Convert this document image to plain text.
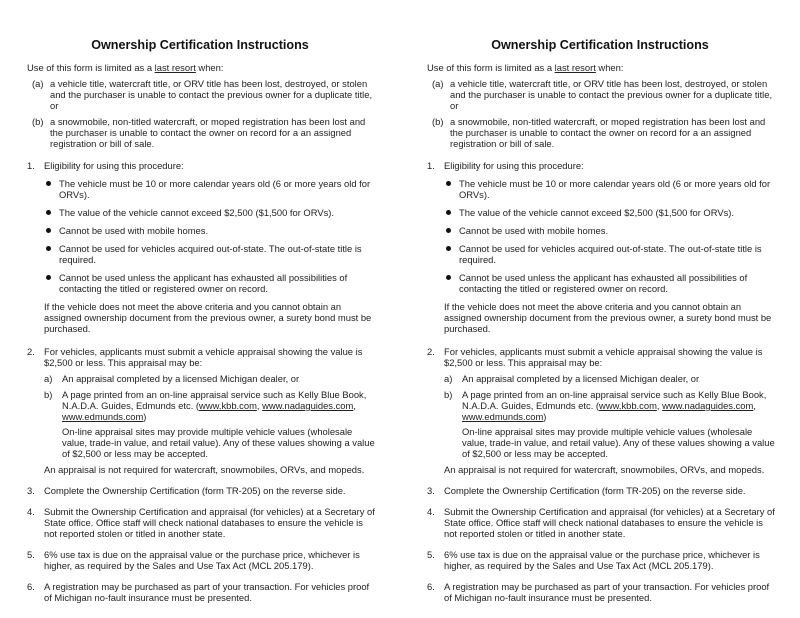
Ownership Certification Instructions
Use of this form is limited as a last resort when:
(a) a vehicle title, watercraft title, or ORV title has been lost, destroyed, or stolen and the purchaser is unable to contact the previous owner for a duplicate title, or
(b) a snowmobile, non-titled watercraft, or moped registration has been lost and the purchaser is unable to contact the owner on record for a an assigned registration or bill of sale.
1. Eligibility for using this procedure:
The vehicle must be 10 or more calendar years old (6 or more years old for ORVs).
The value of the vehicle cannot exceed $2,500 ($1,500 for ORVs).
Cannot be used with mobile homes.
Cannot be used for vehicles acquired out-of-state. The out-of-state title is required.
Cannot be used unless the applicant has exhausted all possibilities of contacting the titled or registered owner on record.
If the vehicle does not meet the above criteria and you cannot obtain an assigned ownership document from the previous owner, a surety bond must be purchased.
2. For vehicles, applicants must submit a vehicle appraisal showing the value is $2,500 or less. This appraisal may be:
a)	An appraisal completed by a licensed Michigan dealer, or
b)	A page printed from an on-line appraisal service such as Kelly Blue Book, N.A.D.A. Guides, Edmunds etc. (www.kbb.com, www.nadaguides.com, www.edmunds.com)
On-line appraisal sites may provide multiple vehicle values (wholesale value, trade-in value, and retail value). Any of these values showing a value of $2,500 or less may be accepted.
An appraisal is not required for watercraft, snowmobiles, ORVs, and mopeds.
3. Complete the Ownership Certification (form TR-205) on the reverse side.
4. Submit the Ownership Certification and appraisal (for vehicles) at a Secretary of State office. Office staff will check national databases to ensure the vehicle is not reported stolen or titled in another state.
5. 6% use tax is due on the appraisal value or the purchase price, whichever is higher, as required by the Sales and Use Tax Act (MCL 205.179).
6. A registration may be purchased as part of your transaction. For vehicles proof of Michigan no-fault insurance must be presented.
Ownership Certification Instructions
Use of this form is limited as a last resort when:
(a) a vehicle title, watercraft title, or ORV title has been lost, destroyed, or stolen and the purchaser is unable to contact the previous owner for a duplicate title, or
(b) a snowmobile, non-titled watercraft, or moped registration has been lost and the purchaser is unable to contact the owner on record for a an assigned registration or bill of sale.
1. Eligibility for using this procedure:
The vehicle must be 10 or more calendar years old (6 or more years old for ORVs).
The value of the vehicle cannot exceed $2,500 ($1,500 for ORVs).
Cannot be used with mobile homes.
Cannot be used for vehicles acquired out-of-state. The out-of-state title is required.
Cannot be used unless the applicant has exhausted all possibilities of contacting the titled or registered owner on record.
If the vehicle does not meet the above criteria and you cannot obtain an assigned ownership document from the previous owner, a surety bond must be purchased.
2. For vehicles, applicants must submit a vehicle appraisal showing the value is $2,500 or less. This appraisal may be:
a)	An appraisal completed by a licensed Michigan dealer, or
b)	A page printed from an on-line appraisal service such as Kelly Blue Book, N.A.D.A. Guides, Edmunds etc. (www.kbb.com, www.nadaguides.com, www.edmunds.com)
On-line appraisal sites may provide multiple vehicle values (wholesale value, trade-in value, and retail value). Any of these values showing a value of $2,500 or less may be accepted.
An appraisal is not required for watercraft, snowmobiles, ORVs, and mopeds.
3. Complete the Ownership Certification (form TR-205) on the reverse side.
4. Submit the Ownership Certification and appraisal (for vehicles) at a Secretary of State office. Office staff will check national databases to ensure the vehicle is not reported stolen or titled in another state.
5. 6% use tax is due on the appraisal value or the purchase price, whichever is higher, as required by the Sales and Use Tax Act (MCL 205.179).
6. A registration may be purchased as part of your transaction. For vehicles proof of Michigan no-fault insurance must be presented.
